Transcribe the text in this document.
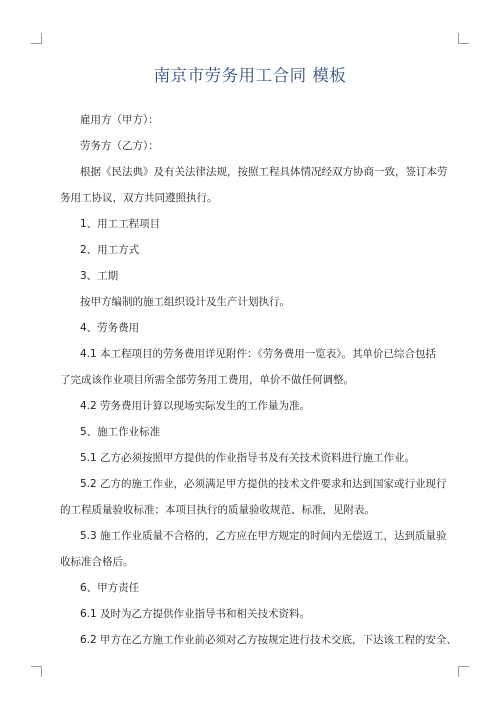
南京市劳务用工合同 模板
雇用方（甲方）：
劳务方（乙方）：
根据《民法典》及有关法律法规，按照工程具体情况经双方协商一致，签订本劳
务用工协议，双方共同遵照执行。
1、用工工程项目
2、用工方式
3、工期
按甲方编制的施工组织设计及生产计划执行。
4、劳务费用
4.1 本工程项目的劳务费用详见附件：《劳务费用一览表》。其单价已综合包括
了完成该作业项目所需全部劳务用工费用，单价不做任何调整。
4.2 劳务费用计算以现场实际发生的工作量为准。
5、施工作业标准
5.1 乙方必须按照甲方提供的作业指导书及有关技术资料进行施工作业。
5.2 乙方的施工作业，必须满足甲方提供的技术文件要求和达到国家或行业现行
的工程质量验收标准；本项目执行的质量验收规范、标准，见附表。
5.3 施工作业质量不合格的，乙方应在甲方规定的时间内无偿返工，达到质量验
收标准合格后。
6、甲方责任
6.1 及时为乙方提供作业指导书和相关技术资料。
6.2 甲方在乙方施工作业前必须对乙方按规定进行技术交底，下达该工程的安全、
